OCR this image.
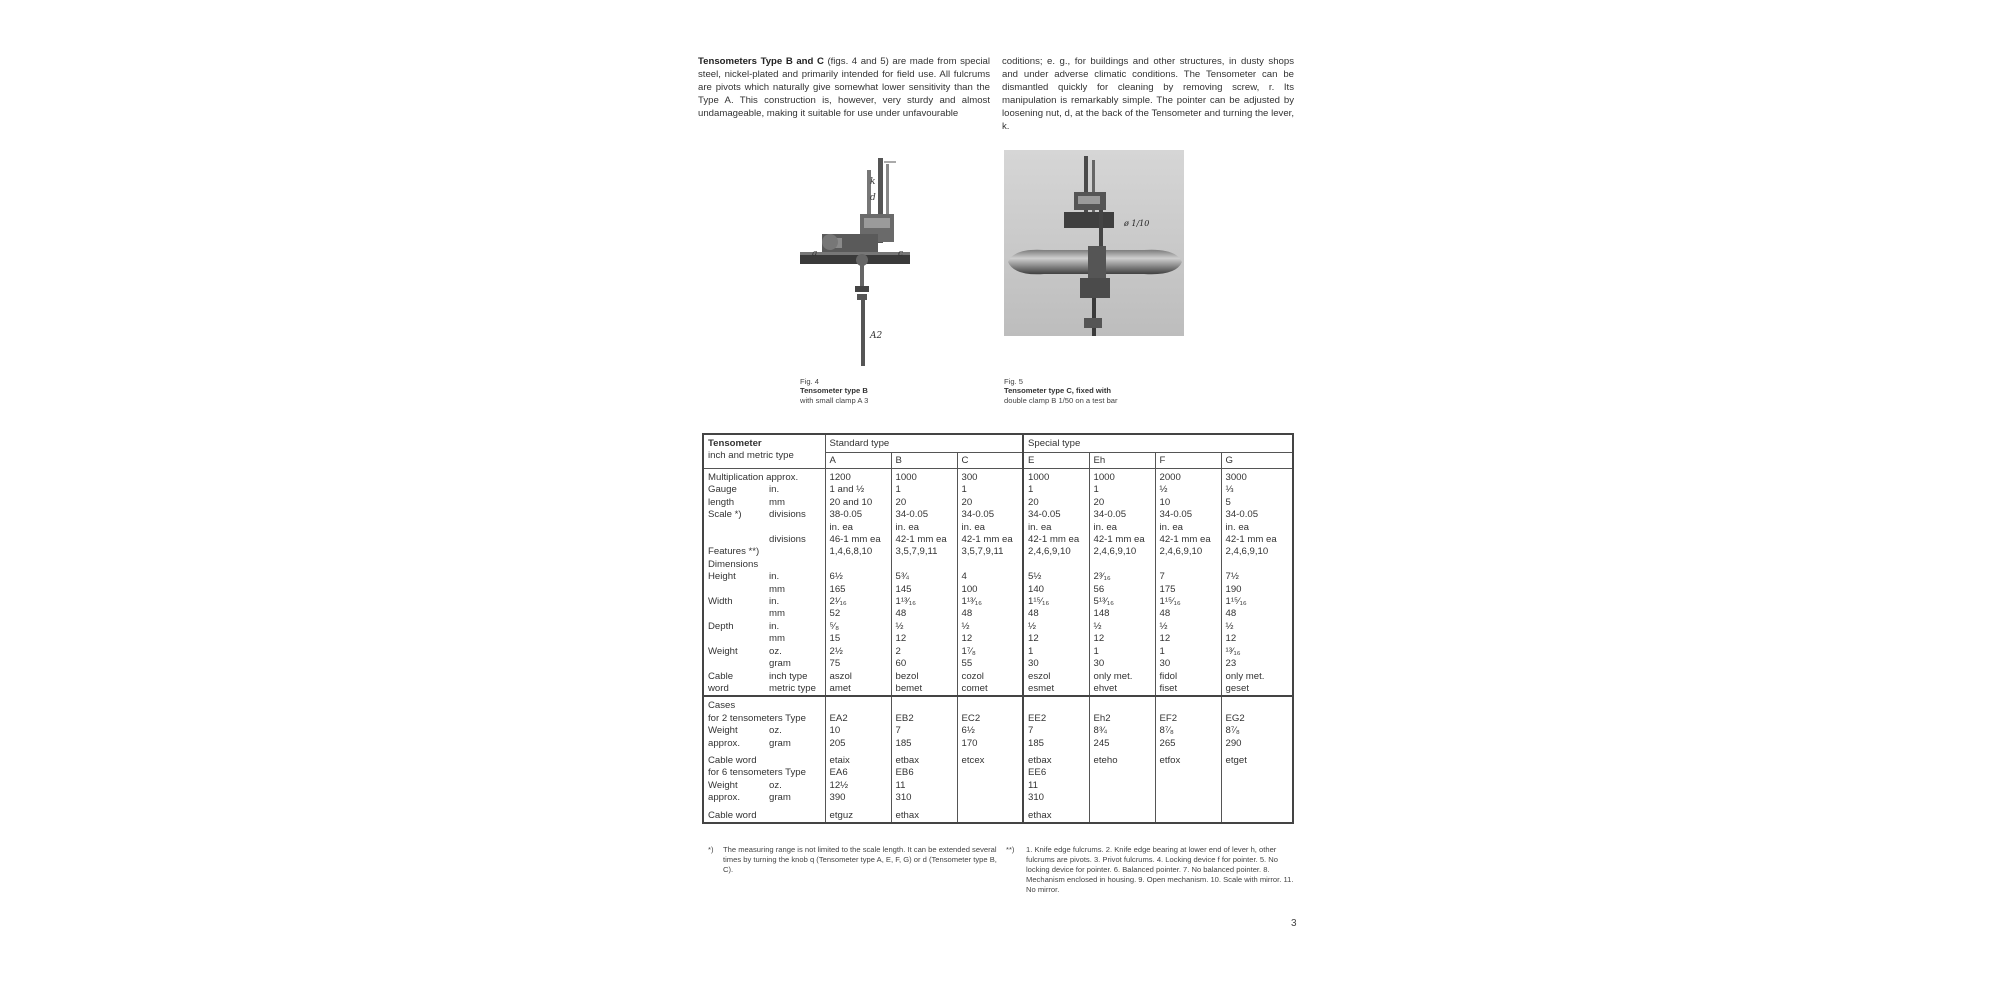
Tensometers Type B and C (figs. 4 and 5) are made from special steel, nickel-plated and primarily intended for field use. All fulcrums are pivots which naturally give somewhat lower sensitivity than the Type A. This construction is, however, very sturdy and almost undamageable, making it suitable for use under unfavourable
coditions; e. g., for buildings and other structures, in dusty shops and under adverse climatic conditions. The Tensometer can be dismantled quickly for cleaning by removing screw, r. Its manipulation is remarkably simple. The pointer can be adjusted by loosening nut, d, at the back of the Tensometer and turning the lever, k.
k
d
a	c
A2
Fig. 4
Tensometer type B
with small clamp A 3
ø 1/10
Fig. 5
Tensometer type C, fixed with
double clamp B 1/50 on a test bar
Tensometer
inch and metric type		Standard type			Special type			
		A	B	C	E	Eh	F	G
Multiplication approx.		1200	1000	300	1000	1000	2000	3000
Gauge	in.	1 and ½	1	1	1	1	½	⅓
length	mm	20 and 10	20	20	20	20	10	5
Scale *)	divisions	38-0.05	34-0.05	34-0.05	34-0.05	34-0.05	34-0.05	34-0.05
		in. ea	in. ea	in. ea	in. ea	in. ea	in. ea	in. ea
	divisions	46-1 mm ea	42-1 mm ea	42-1 mm ea	42-1 mm ea	42-1 mm ea	42-1 mm ea	42-1 mm ea
Features **)		1,4,6,8,10	3,5,7,9,11	3,5,7,9,11	2,4,6,9,10	2,4,6,9,10	2,4,6,9,10	2,4,6,9,10
Dimensions								
Height	in.	6½	5¾	4	5½	2³⁄₁₆	7	7½
	mm	165	145	100	140	56	175	190
Width	in.	2¹⁄₁₆	1¹³⁄₁₆	1¹³⁄₁₆	1¹⁵⁄₁₆	5¹³⁄₁₆	1¹⁵⁄₁₆	1¹⁵⁄₁₆
	mm	52	48	48	48	148	48	48
Depth	in.	⁵⁄₈	½	½	½	½	½	½
	mm	15	12	12	12	12	12	12
Weight	oz.	2½	2	1⁷⁄₈	1	1	1	¹³⁄₁₆
	gram	75	60	55	30	30	30	23
Cable	inch type	aszol	bezol	cozol	eszol	only met.	fidol	only met.
word	metric type	amet	bemet	comet	esmet	ehvet	fiset	geset
Cases								
for 2 tensometers Type		EA2	EB2	EC2	EE2	Eh2	EF2	EG2
Weight	oz.	10	7	6½	7	8¾	8⁷⁄₈	8⁷⁄₈
approx.	gram	205	185	170	185	245	265	290
Cable word		etaix	etbax	etcex	etbax	eteho	etfox	etget
for 6 tensometers Type		EA6	EB6		EE6			
Weight	oz.	12½	11		11			
approx.	gram	390	310		310			
Cable word		etguz	ethax		ethax			
*) The measuring range is not limited to the scale length. It can be extended several times by turning the knob q (Tensometer type A, E, F, G) or d (Tensometer type B, C).
**) 1. Knife edge fulcrums. 2. Knife edge bearing at lower end of lever h, other fulcrums are pivots. 3. Privot fulcrums. 4. Locking device f for pointer. 5. No locking device for pointer. 6. Balanced pointer. 7. No balanced pointer. 8. Mechanism enclosed in housing. 9. Open mechanism. 10. Scale with mirror. 11. No mirror.
3
